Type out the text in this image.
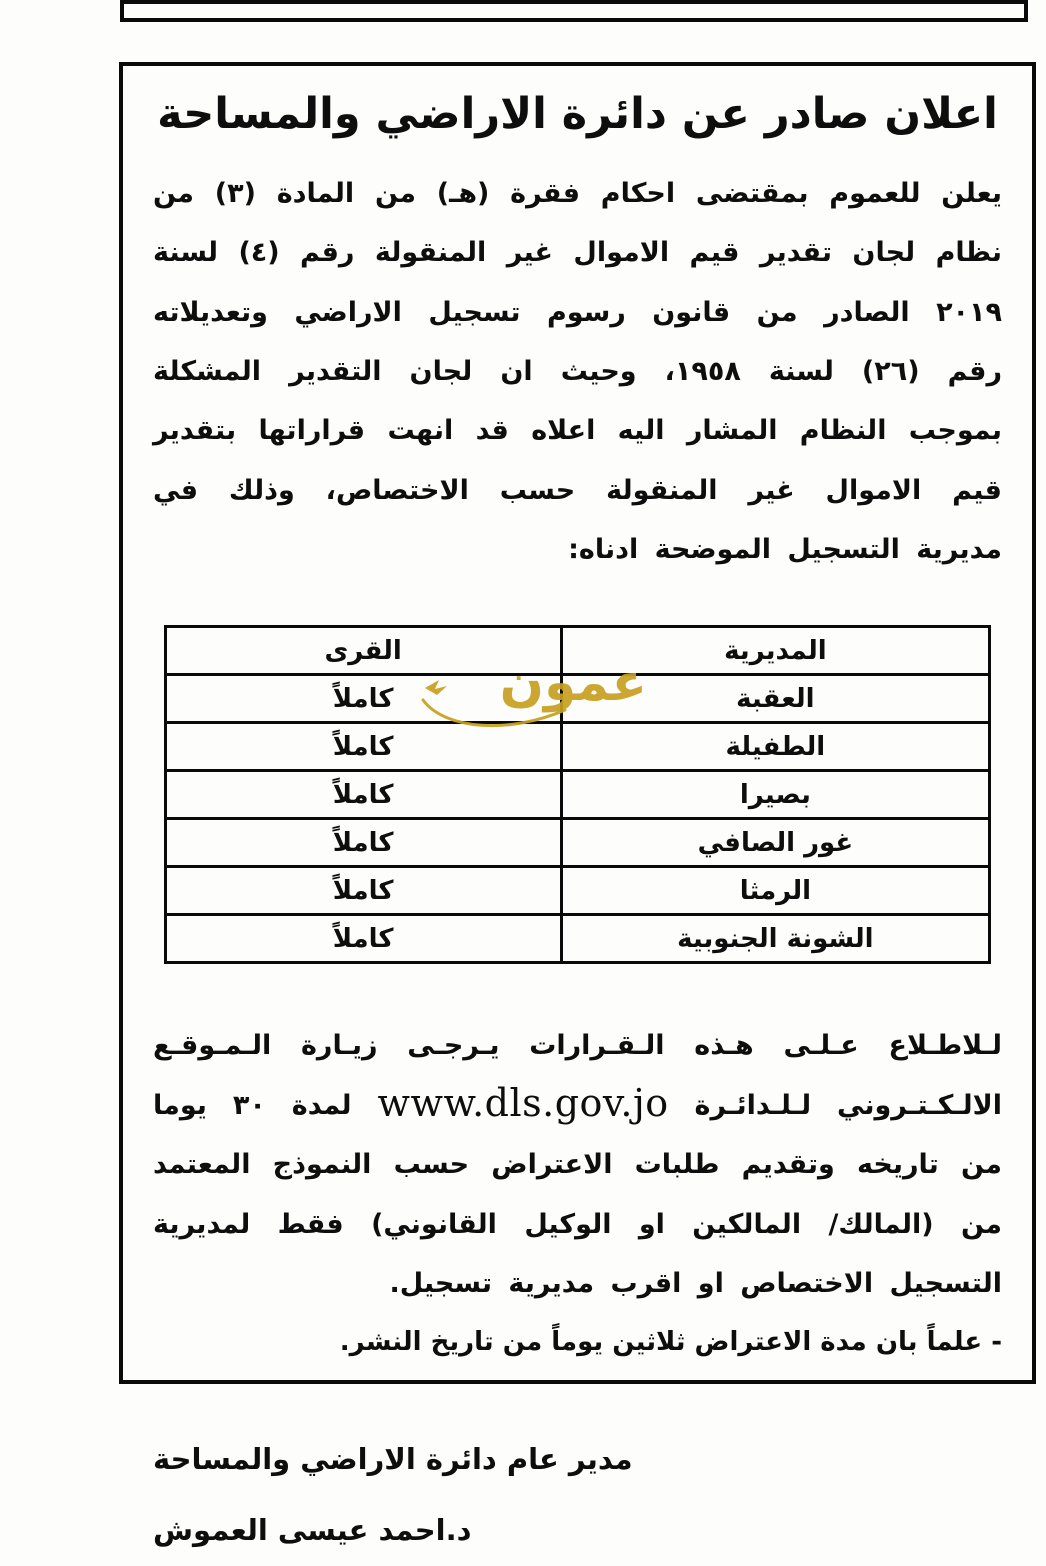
اعلان صادر عن دائرة الاراضي والمساحة

يعلن للعموم بمقتضى احكام فقرة (هـ) من المادة (٣) من نظام لجان تقدير قيم الاموال غير المنقولة رقم (٤) لسنة ٢٠١٩ الصادر من قانون رسوم تسجيل الاراضي وتعديلاته رقم (٢٦) لسنة ١٩٥٨، وحيث ان لجان التقدير المشكلة بموجب النظام المشار اليه اعلاه قد انهت قراراتها بتقدير قيم الاموال غير المنقولة حسب الاختصاص، وذلك في مديرية التسجيل الموضحة ادناه:

المديرية	القرى
العقبة	كاملاً
الطفيلة	كاملاً
بصيرا	كاملاً
غور الصافي	كاملاً
الرمثا	كاملاً
الشونة الجنوبية	كاملاً

لـلاطـلاع عـلـى هـذه الـقـرارات يـرجـى زيـارة الـمـوقـع الالـكـتـروني لـلـدائـرة www.dls.gov.jo لمدة ٣٠ يوما من تاريخه وتقديم طلبات الاعتراض حسب النموذج المعتمد من (المالك/ المالكين او الوكيل القانوني) فقط لمديرية التسجيل الاختصاص او اقرب مديرية تسجيل.

- علماً بان مدة الاعتراض ثلاثين يوماً من تاريخ النشر.

مدير عام دائرة الاراضي والمساحة
د.احمد عيسى العموش
عمون
